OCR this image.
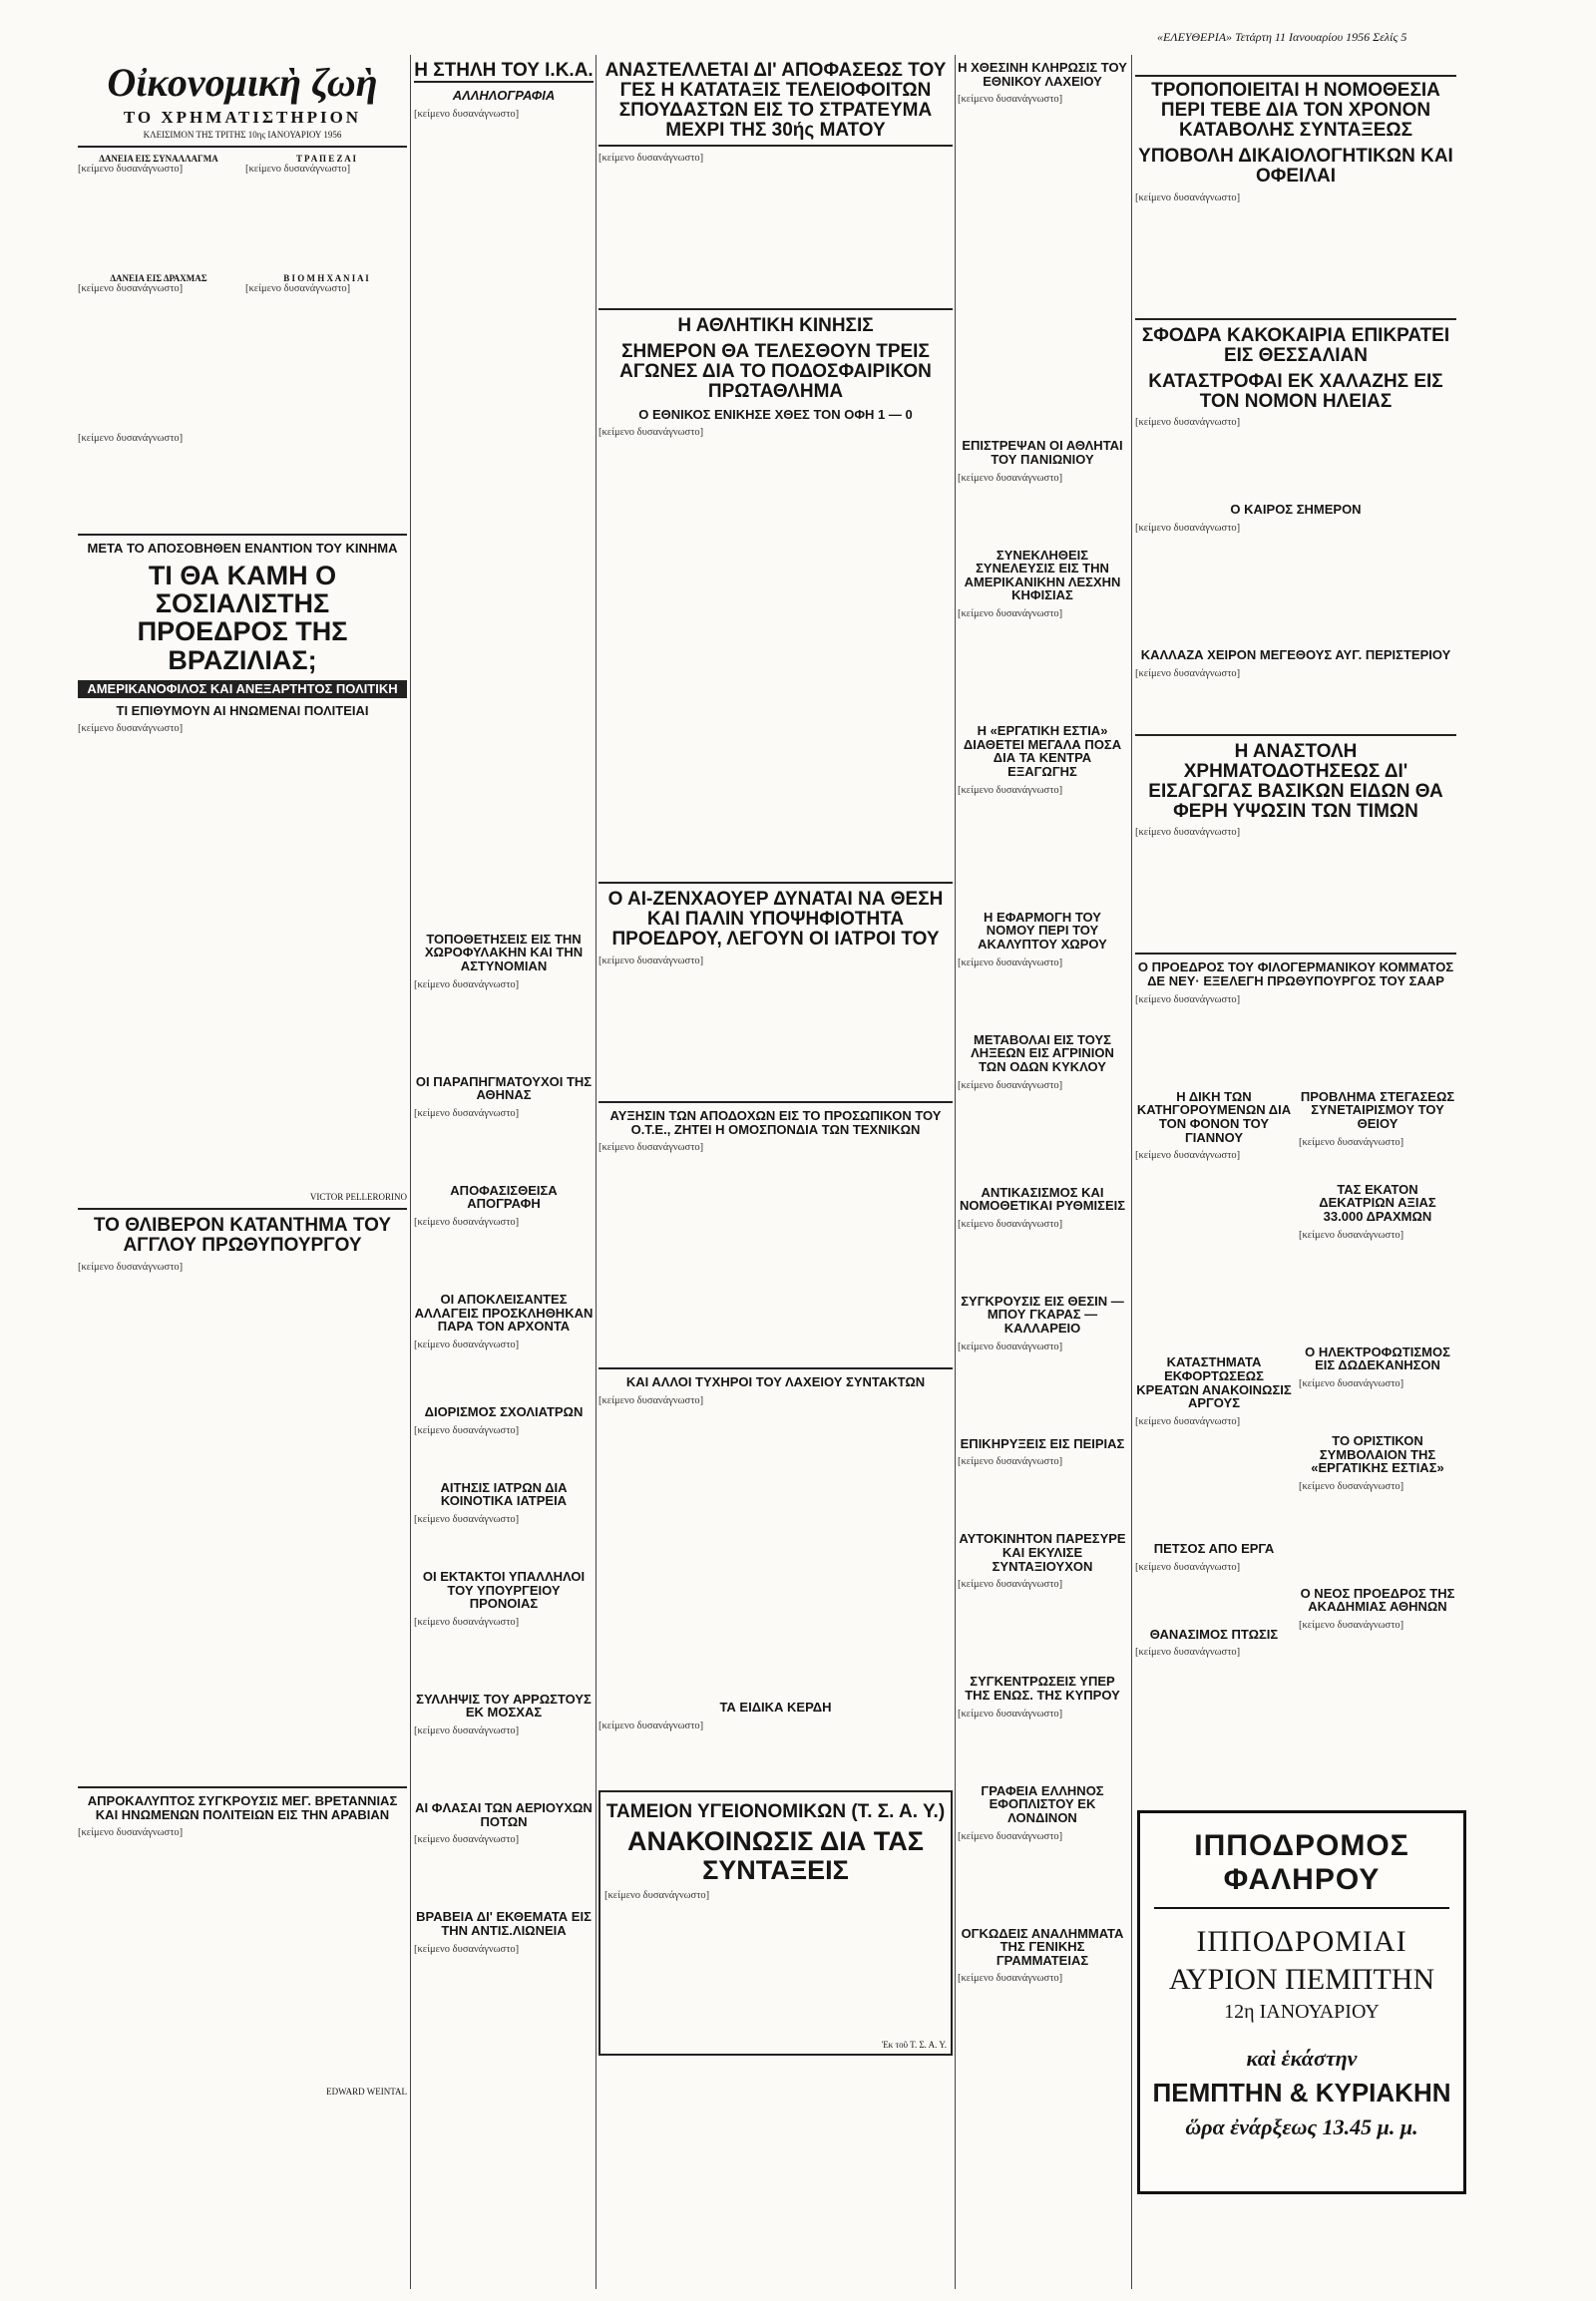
«ΕΛΕΥΘΕΡΙΑ» Τετάρτη 11 Ιανουαρίου 1956 Σελίς 5
Οἰκονομικὴ ζωὴ
ΤΟ ΧΡΗΜΑΤΙΣΤΗΡΙΟΝ
ΚΛΕΙΣΙΜΟΝ ΤΗΣ ΤΡΙΤΗΣ 10ης ΙΑΝΟΥΑΡΙΟΥ 1956
ΔΑΝΕΙΑ ΕΙΣ ΣΥΝΑΛΛΑΓΜΑ
[κείμενο δυσανάγνωστο]
ΔΑΝΕΙΑ ΕΙΣ ΔΡΑΧΜΑΣ
[κείμενο δυσανάγνωστο]
Τ Ρ Α Π Ε Ζ Α Ι
[κείμενο δυσανάγνωστο]
Β Ι Ο Μ Η Χ Α Ν Ι Α Ι
[κείμενο δυσανάγνωστο]
[κείμενο δυσανάγνωστο]
ΜΕΤΑ ΤΟ ΑΠΟΣΟΒΗΘΕΝ ΕΝΑΝΤΙΟΝ ΤΟΥ ΚΙΝΗΜΑ
ΤΙ ΘΑ ΚΑΜΗ Ο ΣΟΣΙΑΛΙΣΤΗΣ ΠΡΟΕΔΡΟΣ ΤΗΣ ΒΡΑΖΙΛΙΑΣ;
ΑΜΕΡΙΚΑΝΟΦΙΛΟΣ ΚΑΙ ΑΝΕΞΑΡΤΗΤΟΣ ΠΟΛΙΤΙΚΗ
ΤΙ ΕΠΙΘΥΜΟΥΝ ΑΙ ΗΝΩΜΕΝΑΙ ΠΟΛΙΤΕΙΑΙ
[κείμενο δυσανάγνωστο]
VICTOR PELLERORINO
ΤΟ ΘΛΙΒΕΡΟΝ ΚΑΤΑΝΤΗΜΑ ΤΟΥ ΑΓΓΛΟΥ ΠΡΩΘΥΠΟΥΡΓΟΥ
[κείμενο δυσανάγνωστο]
ΑΠΡΟΚΑΛΥΠΤΟΣ ΣΥΓΚΡΟΥΣΙΣ ΜΕΓ. ΒΡΕΤΑΝΝΙΑΣ ΚΑΙ ΗΝΩΜΕΝΩΝ ΠΟΛΙΤΕΙΩΝ ΕΙΣ ΤΗΝ ΑΡΑΒΙΑΝ
[κείμενο δυσανάγνωστο]
EDWARD WEINTAL
Η ΣΤΗΛΗ ΤΟΥ Ι.Κ.Α.
ΑΛΛΗΛΟΓΡΑΦΙΑ
[κείμενο δυσανάγνωστο]
ΤΟΠΟΘΕΤΗΣΕΙΣ ΕΙΣ ΤΗΝ ΧΩΡΟΦΥΛΑΚΗΝ ΚΑΙ ΤΗΝ ΑΣΤΥΝΟΜΙΑΝ
[κείμενο δυσανάγνωστο]
ΟΙ ΠΑΡΑΠΗΓΜΑΤΟΥΧΟΙ ΤΗΣ ΑΘΗΝΑΣ
[κείμενο δυσανάγνωστο]
ΑΠΟΦΑΣΙΣΘΕΙΣΑ ΑΠΟΓΡΑΦΗ
[κείμενο δυσανάγνωστο]
ΟΙ ΑΠΟΚΛΕΙΣΑΝΤΕΣ ΑΛΛΑΓΕΙΣ ΠΡΟΣΚΛΗΘΗΚΑΝ ΠΑΡΑ ΤΟΝ ΑΡΧΟΝΤΑ
[κείμενο δυσανάγνωστο]
ΔΙΟΡΙΣΜΟΣ ΣΧΟΛΙΑΤΡΩΝ
[κείμενο δυσανάγνωστο]
ΑΙΤΗΣΙΣ ΙΑΤΡΩΝ ΔΙΑ ΚΟΙΝΟΤΙΚΑ ΙΑΤΡΕΙΑ
[κείμενο δυσανάγνωστο]
ΟΙ ΕΚΤΑΚΤΟΙ ΥΠΑΛΛΗΛΟΙ ΤΟΥ ΥΠΟΥΡΓΕΙΟΥ ΠΡΟΝΟΙΑΣ
[κείμενο δυσανάγνωστο]
ΣΥΛΛΗΨΙΣ ΤΟΥ ΑΡΡΩΣΤΟΥΣ ΕΚ ΜΟΣΧΑΣ
[κείμενο δυσανάγνωστο]
ΑΙ ΦΛΑΣΑΙ ΤΩΝ ΑΕΡΙΟΥΧΩΝ ΠΟΤΩΝ
[κείμενο δυσανάγνωστο]
ΒΡΑΒΕΙΑ ΔΙ' ΕΚΘΕΜΑΤΑ ΕΙΣ ΤΗΝ ΑΝΤΙΣ.ΛΙΩΝΕΙΑ
[κείμενο δυσανάγνωστο]
ΑΝΑΣΤΕΛΛΕΤΑΙ ΔΙ' ΑΠΟΦΑΣΕΩΣ ΤΟΥ ΓΕΣ Η ΚΑΤΑΤΑΞΙΣ ΤΕΛΕΙΟΦΟΙΤΩΝ ΣΠΟΥΔΑΣΤΩΝ ΕΙΣ ΤΟ ΣΤΡΑΤΕΥΜΑ ΜΕΧΡΙ ΤΗΣ 30ής ΜΑΤΟΥ
[κείμενο δυσανάγνωστο]
Η ΑΘΛΗΤΙΚΗ ΚΙΝΗΣΙΣ
ΣΗΜΕΡΟΝ ΘΑ ΤΕΛΕΣΘΟΥΝ ΤΡΕΙΣ ΑΓΩΝΕΣ ΔΙΑ ΤΟ ΠΟΔΟΣΦΑΙΡΙΚΟΝ ΠΡΩΤΑΘΛΗΜΑ
Ο ΕΘΝΙΚΟΣ ΕΝΙΚΗΣΕ ΧΘΕΣ ΤΟΝ ΟΦΗ 1 — 0
[κείμενο δυσανάγνωστο]
Ο ΑΙ-ΖΕΝΧΑΟΥΕΡ ΔΥΝΑΤΑΙ ΝΑ ΘΕΣΗ ΚΑΙ ΠΑΛΙΝ ΥΠΟΨΗΦΙΟΤΗΤΑ ΠΡΟΕΔΡΟΥ, ΛΕΓΟΥΝ ΟΙ ΙΑΤΡΟΙ ΤΟΥ
[κείμενο δυσανάγνωστο]
ΑΥΞΗΣΙΝ ΤΩΝ ΑΠΟΔΟΧΩΝ ΕΙΣ ΤΟ ΠΡΟΣΩΠΙΚΟΝ ΤΟΥ Ο.Τ.Ε., ΖΗΤΕΙ Η ΟΜΟΣΠΟΝΔΙΑ ΤΩΝ ΤΕΧΝΙΚΩΝ
[κείμενο δυσανάγνωστο]
ΚΑΙ ΑΛΛΟΙ ΤΥΧΗΡΟΙ ΤΟΥ ΛΑΧΕΙΟΥ ΣΥΝΤΑΚΤΩΝ
[κείμενο δυσανάγνωστο]
ΤΑ ΕΙΔΙΚΑ ΚΕΡΔΗ
[κείμενο δυσανάγνωστο]
ΤΑΜΕΙΟΝ ΥΓΕΙΟΝΟΜΙΚΩΝ (Τ. Σ. Α. Υ.)
ΑΝΑΚΟΙΝΩΣΙΣ ΔΙΑ ΤΑΣ ΣΥΝΤΑΞΕΙΣ
[κείμενο δυσανάγνωστο]
Ἐκ τοῦ Τ. Σ. Α. Υ.
Η ΧΘΕΣΙΝΗ ΚΛΗΡΩΣΙΣ ΤΟΥ ΕΘΝΙΚΟΥ ΛΑΧΕΙΟΥ
[κείμενο δυσανάγνωστο]
ΕΠΙΣΤΡΕΨΑΝ ΟΙ ΑΘΛΗΤΑΙ ΤΟΥ ΠΑΝΙΩΝΙΟΥ
[κείμενο δυσανάγνωστο]
ΣΥΝΕΚΛΗΘΕΙΣ ΣΥΝΕΛΕΥΣΙΣ ΕΙΣ ΤΗΝ ΑΜΕΡΙΚΑΝΙΚΗΝ ΛΕΣΧΗΝ ΚΗΦΙΣΙΑΣ
[κείμενο δυσανάγνωστο]
Η «ΕΡΓΑΤΙΚΗ ΕΣΤΙΑ» ΔΙΑΘΕΤΕΙ ΜΕΓΑΛΑ ΠΟΣΑ ΔΙΑ ΤΑ ΚΕΝΤΡΑ ΕΞΑΓΩΓΗΣ
[κείμενο δυσανάγνωστο]
Η ΕΦΑΡΜΟΓΗ ΤΟΥ ΝΟΜΟΥ ΠΕΡΙ ΤΟΥ ΑΚΑΛΥΠΤΟΥ ΧΩΡΟΥ
[κείμενο δυσανάγνωστο]
ΜΕΤΑΒΟΛΑΙ ΕΙΣ ΤΟΥΣ ΛΗΞΕΩΝ ΕΙΣ ΑΓΡΙΝΙΟΝ ΤΩΝ ΟΔΩΝ ΚΥΚΛΟΥ
[κείμενο δυσανάγνωστο]
ΑΝΤΙΚΑΣΙΣΜΟΣ ΚΑΙ ΝΟΜΟΘΕΤΙΚΑΙ ΡΥΘΜΙΣΕΙΣ
[κείμενο δυσανάγνωστο]
ΣΥΓΚΡΟΥΣΙΣ ΕΙΣ ΘΕΣΙΝ — ΜΠΟΥ ΓΚΑΡΑΣ — ΚΑΛΛΑΡΕΙΟ
[κείμενο δυσανάγνωστο]
ΕΠΙΚΗΡΥΞΕΙΣ ΕΙΣ ΠΕΙΡΙΑΣ
[κείμενο δυσανάγνωστο]
ΑΥΤΟΚΙΝΗΤΟΝ ΠΑΡΕΣΥΡΕ ΚΑΙ ΕΚΥΛΙΣΕ ΣΥΝΤΑΞΙΟΥΧΟΝ
[κείμενο δυσανάγνωστο]
ΣΥΓΚΕΝΤΡΩΣΕΙΣ ΥΠΕΡ ΤΗΣ ΕΝΩΣ. ΤΗΣ ΚΥΠΡΟΥ
[κείμενο δυσανάγνωστο]
ΓΡΑΦΕΙΑ ΕΛΛΗΝΟΣ ΕΦΟΠΛΙΣΤΟΥ ΕΚ ΛΟΝΔΙΝΟΝ
[κείμενο δυσανάγνωστο]
ΟΓΚΩΔΕΙΣ ΑΝΑΛΗΜΜΑΤΑ ΤΗΣ ΓΕΝΙΚΗΣ ΓΡΑΜΜΑΤΕΙΑΣ
[κείμενο δυσανάγνωστο]
ΤΡΟΠΟΠΟΙΕΙΤΑΙ Η ΝΟΜΟΘΕΣΙΑ ΠΕΡΙ ΤΕΒΕ ΔΙΑ ΤΟΝ ΧΡΟΝΟΝ ΚΑΤΑΒΟΛΗΣ ΣΥΝΤΑΞΕΩΣ
ΥΠΟΒΟΛΗ ΔΙΚΑΙΟΛΟΓΗΤΙΚΩΝ ΚΑΙ ΟΦΕΙΛΑΙ
[κείμενο δυσανάγνωστο]
ΣΦΟΔΡΑ ΚΑΚΟΚΑΙΡΙΑ ΕΠΙΚΡΑΤΕΙ ΕΙΣ ΘΕΣΣΑΛΙΑΝ
ΚΑΤΑΣΤΡΟΦΑΙ ΕΚ ΧΑΛΑΖΗΣ ΕΙΣ ΤΟΝ ΝΟΜΟΝ ΗΛΕΙΑΣ
[κείμενο δυσανάγνωστο]
Ο ΚΑΙΡΟΣ ΣΗΜΕΡΟΝ
[κείμενο δυσανάγνωστο]
ΚΑΛΛΑΖΑ ΧΕΙΡΟΝ ΜΕΓΕΘΟΥΣ ΑΥΓ. ΠΕΡΙΣΤΕΡΙΟΥ
[κείμενο δυσανάγνωστο]
Η ΑΝΑΣΤΟΛΗ ΧΡΗΜΑΤΟΔΟΤΗΣΕΩΣ ΔΙ' ΕΙΣΑΓΩΓΑΣ ΒΑΣΙΚΩΝ ΕΙΔΩΝ ΘΑ ΦΕΡΗ ΥΨΩΣΙΝ ΤΩΝ ΤΙΜΩΝ
[κείμενο δυσανάγνωστο]
Ο ΠΡΟΕΔΡΟΣ ΤΟΥ ΦΙΛΟΓΕΡΜΑΝΙΚΟΥ ΚΟΜΜΑΤΟΣ ΔΕ ΝΕΥ· ΕΞΕΛΕΓΗ ΠΡΩΘΥΠΟΥΡΓΟΣ ΤΟΥ ΣΑΑΡ
[κείμενο δυσανάγνωστο]
Η ΔΙΚΗ ΤΩΝ ΚΑΤΗΓΟΡΟΥΜΕΝΩΝ ΔΙΑ ΤΟΝ ΦΟΝΟΝ ΤΟΥ ΓΙΑΝΝΟΥ
[κείμενο δυσανάγνωστο]
ΚΑΤΑΣΤΗΜΑΤΑ ΕΚΦΟΡΤΩΣΕΩΣ ΚΡΕΑΤΩΝ ΑΝΑΚΟΙΝΩΣΙΣ ΑΡΓΟΥΣ
[κείμενο δυσανάγνωστο]
ΠΕΤΣΟΣ ΑΠΟ ΕΡΓΑ
[κείμενο δυσανάγνωστο]
ΘΑΝΑΣΙΜΟΣ ΠΤΩΣΙΣ
[κείμενο δυσανάγνωστο]
ΠΡΟΒΛΗΜΑ ΣΤΕΓΑΣΕΩΣ ΣΥΝΕΤΑΙΡΙΣΜΟΥ ΤΟΥ ΘΕΙΟΥ
[κείμενο δυσανάγνωστο]
ΤΑΣ ΕΚΑΤΟΝ ΔΕΚΑΤΡΙΩΝ ΑΞΙΑΣ 33.000 ΔΡΑΧΜΩΝ
[κείμενο δυσανάγνωστο]
Ο ΗΛΕΚΤΡΟΦΩΤΙΣΜΟΣ ΕΙΣ ΔΩΔΕΚΑΝΗΣΟΝ
[κείμενο δυσανάγνωστο]
ΤΟ ΟΡΙΣΤΙΚΟΝ ΣΥΜΒΟΛΑΙΟΝ ΤΗΣ «ΕΡΓΑΤΙΚΗΣ ΕΣΤΙΑΣ»
[κείμενο δυσανάγνωστο]
Ο ΝΕΟΣ ΠΡΟΕΔΡΟΣ ΤΗΣ ΑΚΑΔΗΜΙΑΣ ΑΘΗΝΩΝ
[κείμενο δυσανάγνωστο]
ΙΠΠΟΔΡΟΜΟΣ ΦΑΛΗΡΟΥ
ΙΠΠΟΔΡΟΜΙΑΙ
ΑΥΡΙΟΝ ΠΕΜΠΤΗΝ
12η ΙΑΝΟΥΑΡΙΟΥ
καὶ ἑκάστην
ΠΕΜΠΤΗΝ & ΚΥΡΙΑΚΗΝ
ὥρα ἐνάρξεως 13.45 μ. μ.
